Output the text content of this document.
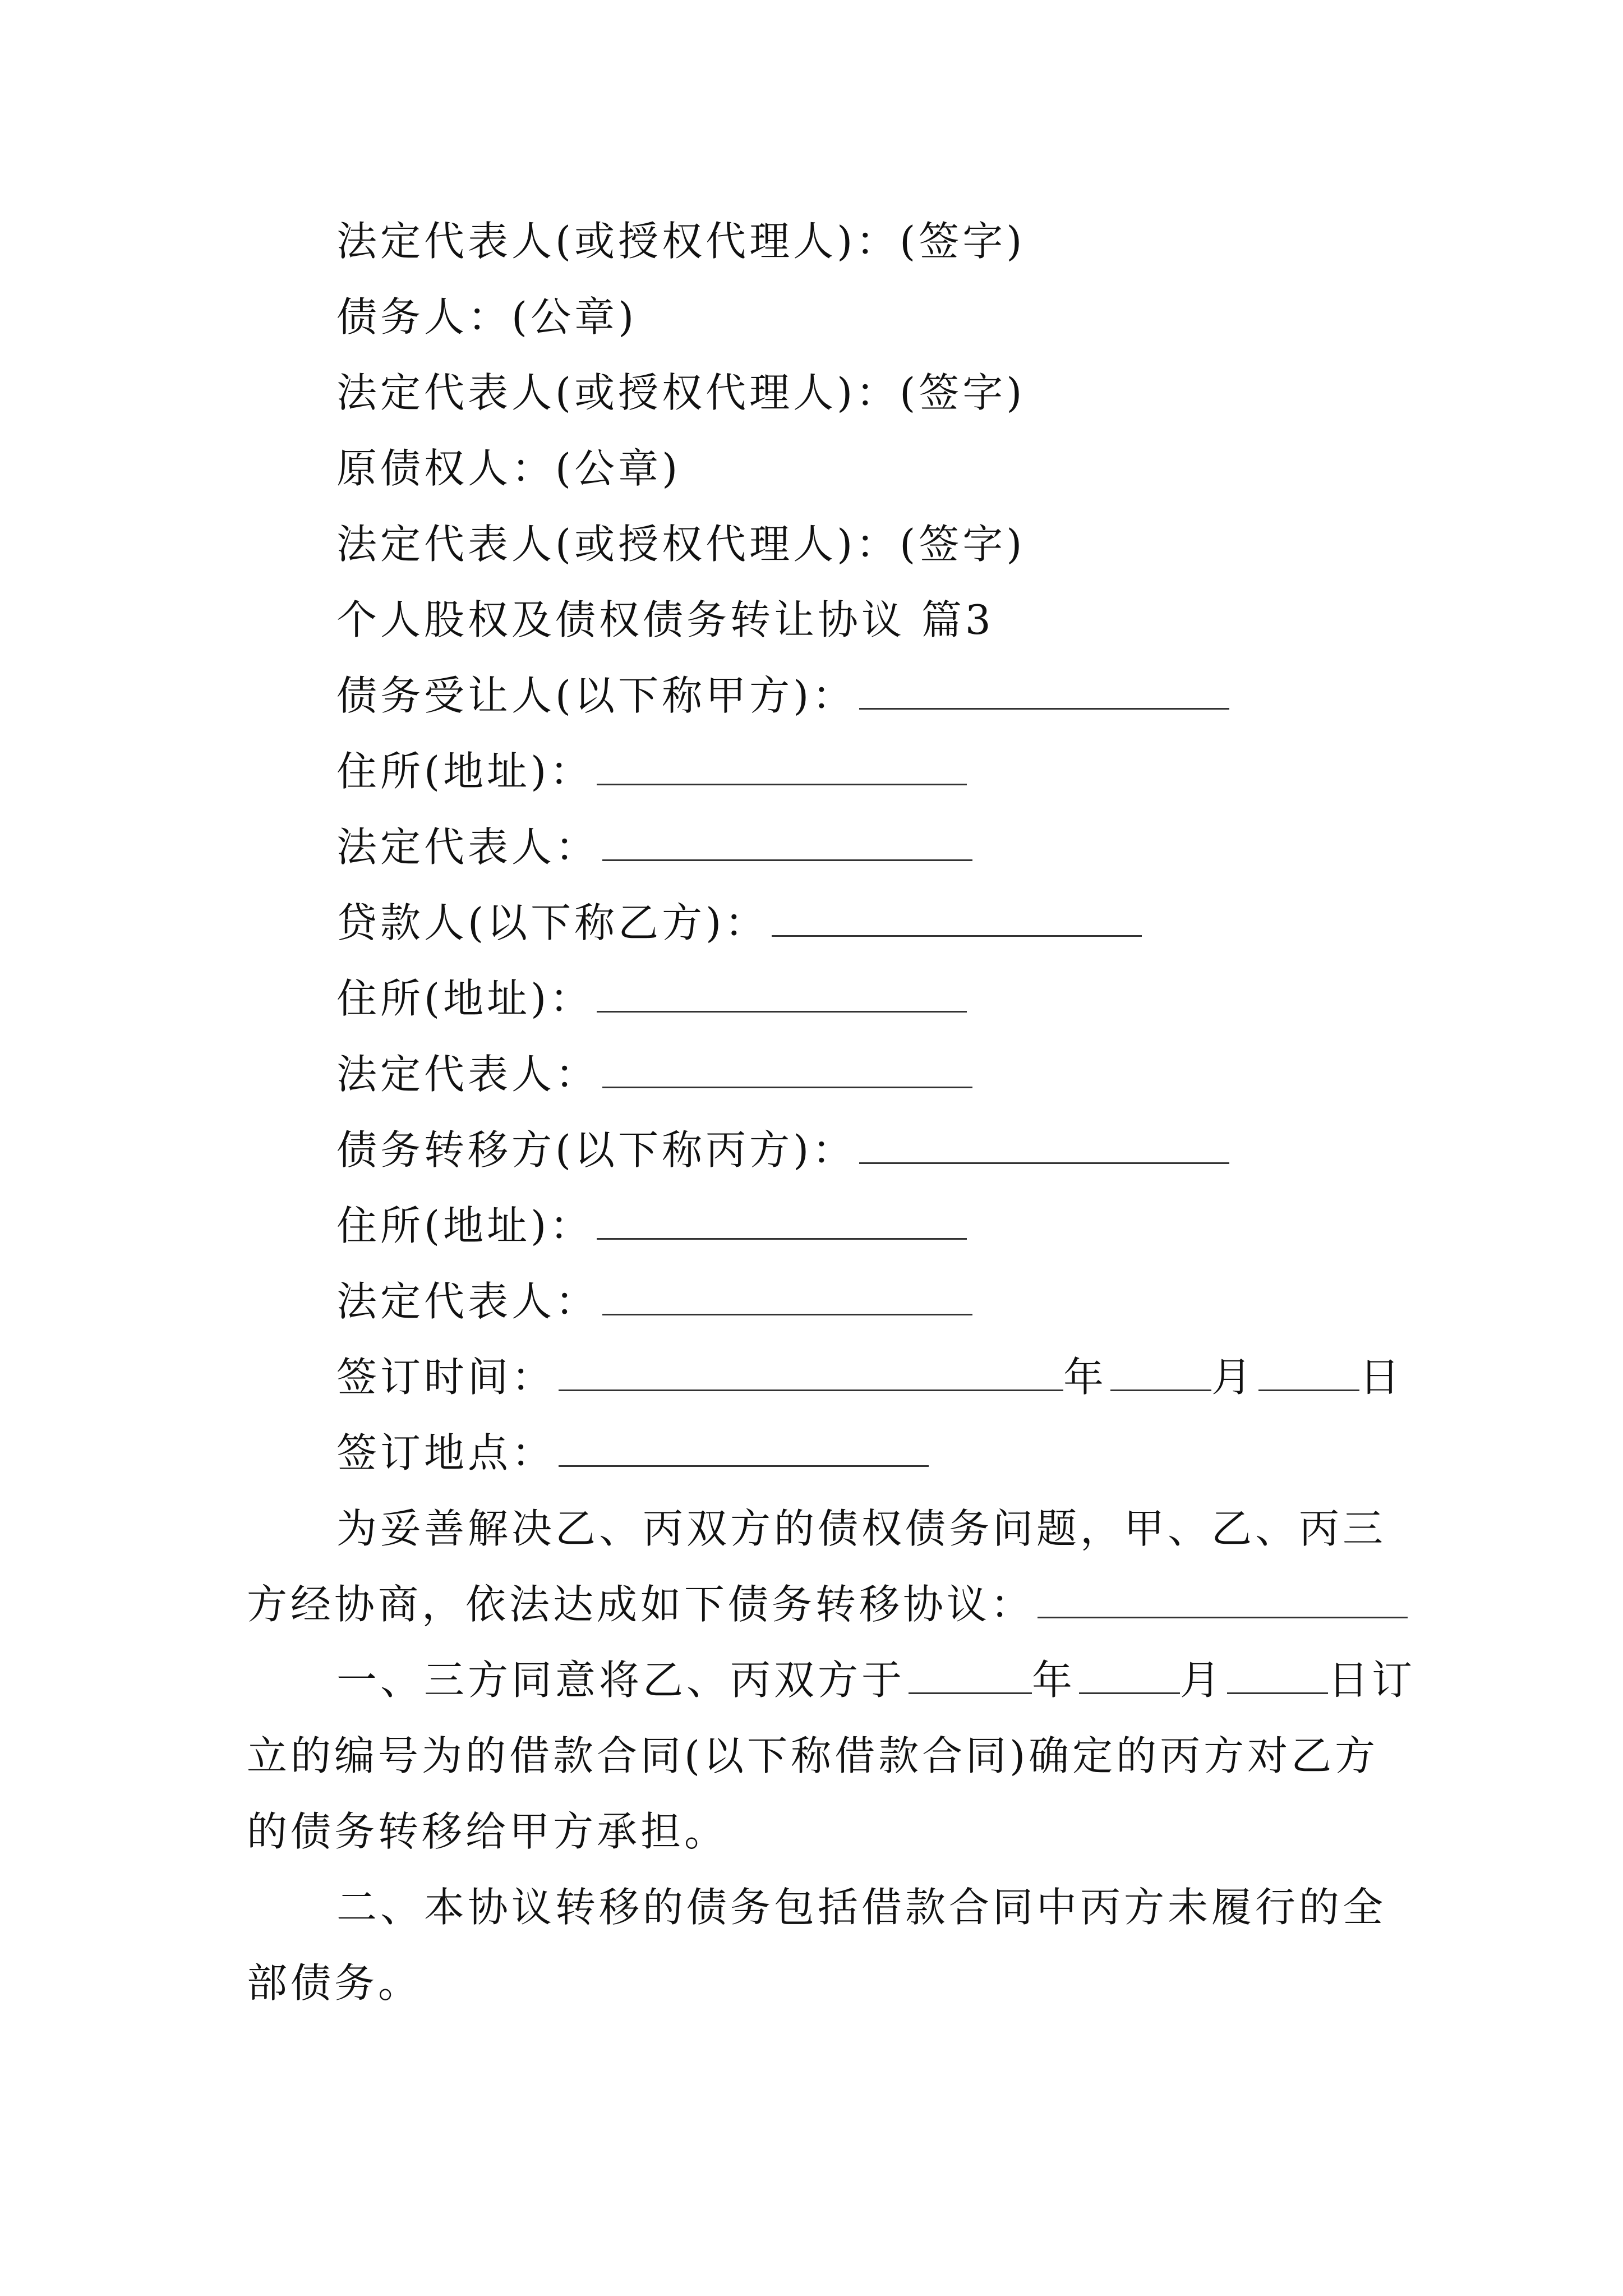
法定代表人(或授权代理人)：(签字)
债务人：(公章)
法定代表人(或授权代理人)：(签字)
原债权人：(公章)
法定代表人(或授权代理人)：(签字)
个人股权及债权债务转让协议 篇3
债务受让人(以下称甲方)：
住所(地址)：
法定代表人：
贷款人(以下称乙方)：
住所(地址)：
法定代表人：
债务转移方(以下称丙方)：
住所(地址)：
法定代表人：
签订时间：	年	月	日
签订地点：
为妥善解决乙、丙双方的债权债务问题，甲、乙、丙三
方经协商，依法达成如下债务转移协议：
一、三方同意将乙、丙双方于	年	月	日订
立的编号为的借款合同(以下称借款合同)确定的丙方对乙方
的债务转移给甲方承担。
二、本协议转移的债务包括借款合同中丙方未履行的全
部债务。
